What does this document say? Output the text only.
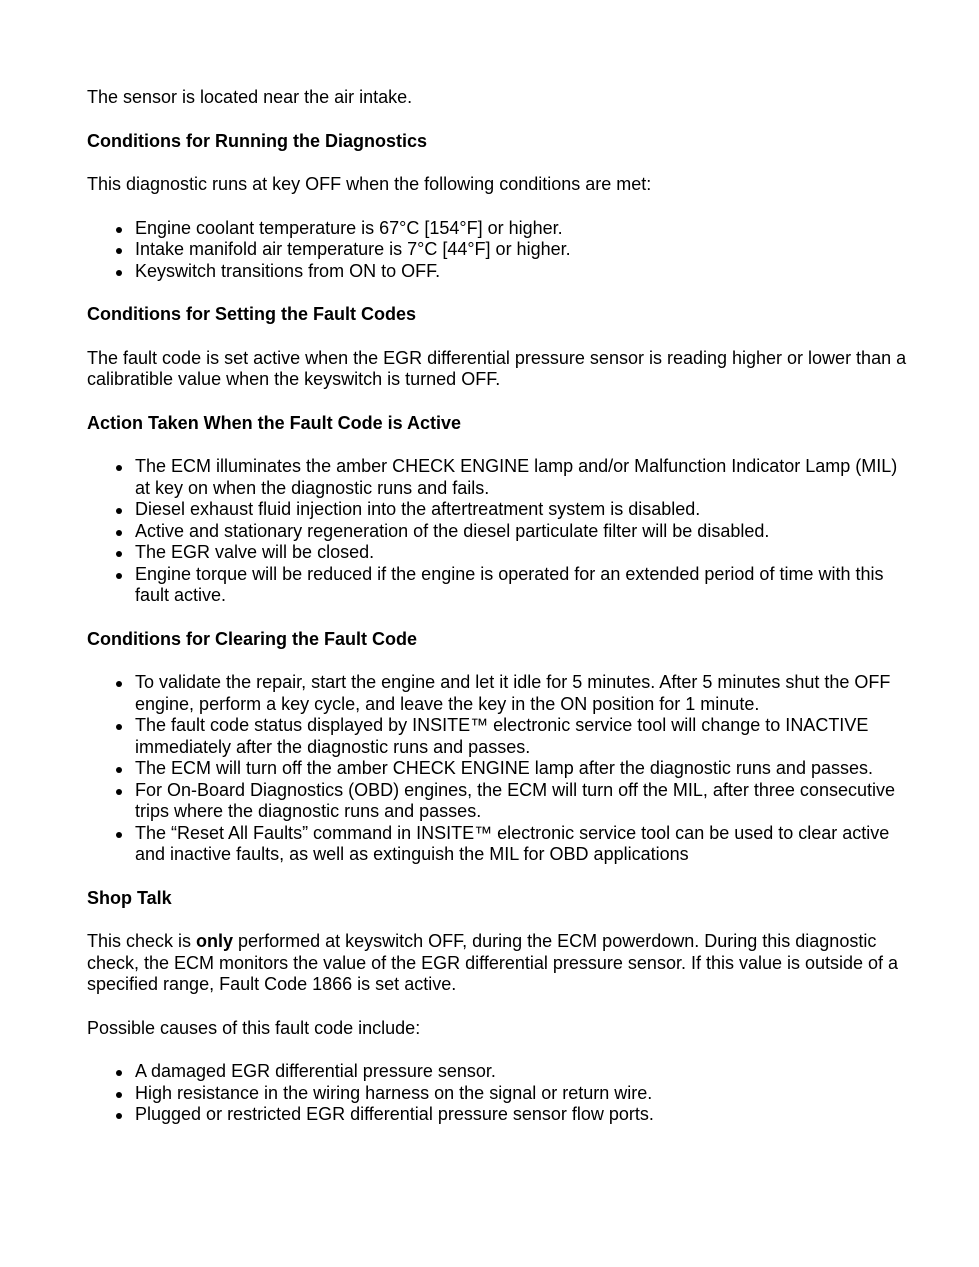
The sensor is located near the air intake.

Conditions for Running the Diagnostics

This diagnostic runs at key OFF when the following conditions are met:

Engine coolant temperature is 67°C [154°F] or higher.
Intake manifold air temperature is 7°C [44°F] or higher.
Keyswitch transitions from ON to OFF.
Conditions for Setting the Fault Codes

The fault code is set active when the EGR differential pressure sensor is reading higher or lower than a calibratible value when the keyswitch is turned OFF.

Action Taken When the Fault Code is Active
The ECM illuminates the amber CHECK ENGINE lamp and/or Malfunction Indicator Lamp (MIL) at key on when the diagnostic runs and fails.
Diesel exhaust fluid injection into the aftertreatment system is disabled.
Active and stationary regeneration of the diesel particulate filter will be disabled.
The EGR valve will be closed.
Engine torque will be reduced if the engine is operated for an extended period of time with this fault active.
Conditions for Clearing the Fault Code
To validate the repair, start the engine and let it idle for 5 minutes. After 5 minutes shut the OFF engine, perform a key cycle, and leave the key in the ON position for 1 minute.
The fault code status displayed by INSITE™ electronic service tool will change to INACTIVE immediately after the diagnostic runs and passes.
The ECM will turn off the amber CHECK ENGINE lamp after the diagnostic runs and passes.
For On-Board Diagnostics (OBD) engines, the ECM will turn off the MIL, after three consecutive trips where the diagnostic runs and passes.
The “Reset All Faults” command in INSITE™ electronic service tool can be used to clear active and inactive faults, as well as extinguish the MIL for OBD applications
Shop Talk

This check is only performed at keyswitch OFF, during the ECM powerdown. During this diagnostic check, the ECM monitors the value of the EGR differential pressure sensor. If this value is outside of a specified range, Fault Code 1866 is set active.

Possible causes of this fault code include:

A damaged EGR differential pressure sensor.
High resistance in the wiring harness on the signal or return wire.
Plugged or restricted EGR differential pressure sensor flow ports.
